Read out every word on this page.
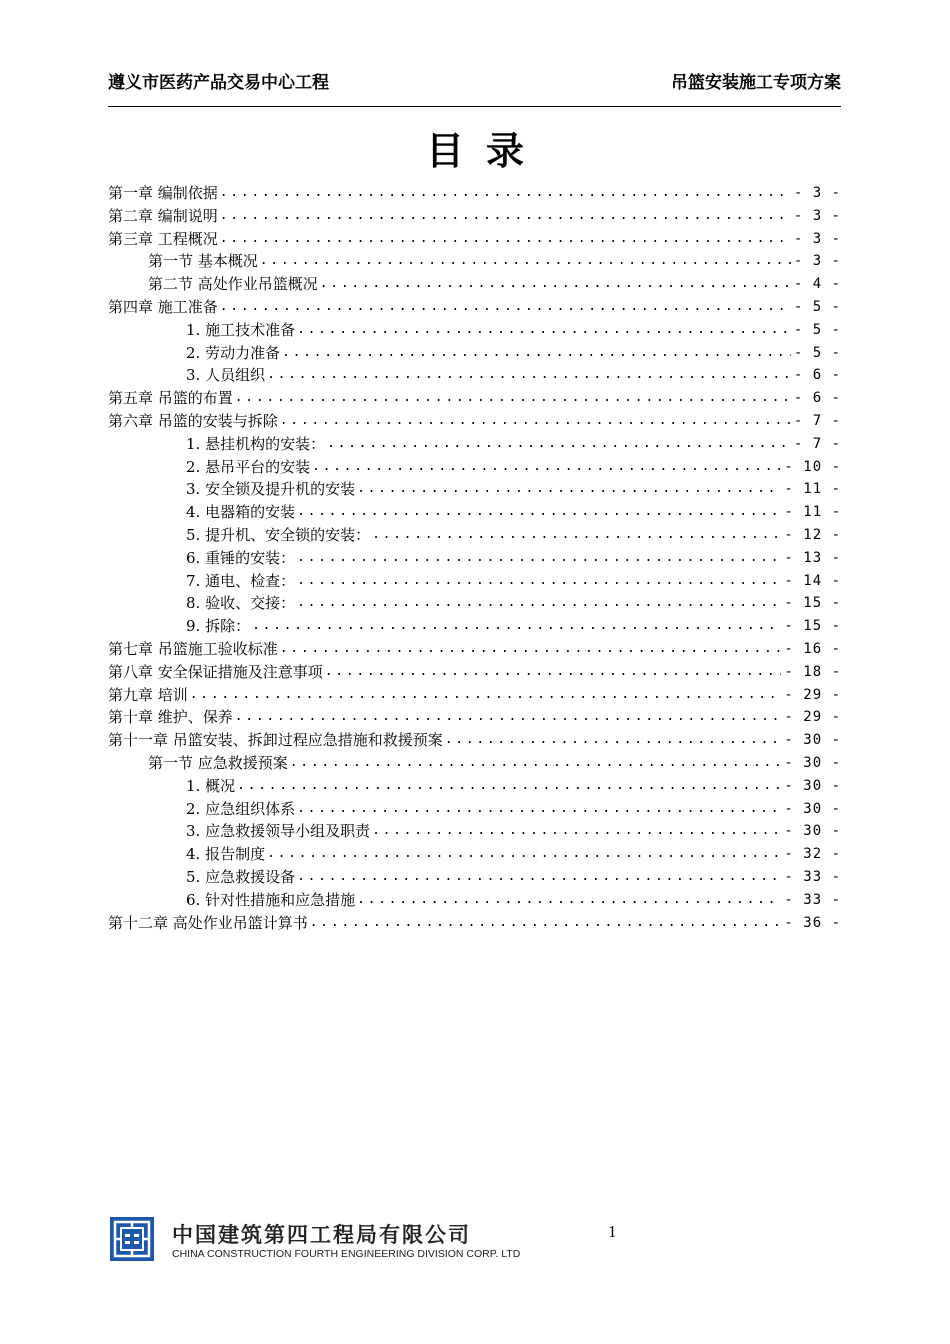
遵义市医药产品交易中心工程	吊篮安装施工专项方案
目录
第一章 编制依据 .....	- 3 -
第二章 编制说明 .....	- 3 -
第三章 工程概况 .....	- 3 -
第一节 基本概况 .....	- 3 -
第二节 高处作业吊篮概况 .....	- 4 -
第四章 施工准备 .....	- 5 -
1. 施工技术准备 .....	- 5 -
2. 劳动力准备 .....	- 5 -
3. 人员组织 .....	- 6 -
第五章 吊篮的布置 .....	- 6 -
第六章 吊篮的安装与拆除 .....	- 7 -
1. 悬挂机构的安装： .....	- 7 -
2. 悬吊平台的安装 .....	- 10 -
3. 安全锁及提升机的安装 .....	- 11 -
4. 电器箱的安装 .....	- 11 -
5. 提升机、安全锁的安装： .....	- 12 -
6. 重锤的安装： .....	- 13 -
7. 通电、检查： .....	- 14 -
8. 验收、交接： .....	- 15 -
9. 拆除： .....	- 15 -
第七章 吊篮施工验收标准 .....	- 16 -
第八章 安全保证措施及注意事项 .....	- 18 -
第九章 培训 .....	- 29 -
第十章 维护、保养 .....	- 29 -
第十一章 吊篮安装、拆卸过程应急措施和救援预案 .....	- 30 -
第一节 应急救援预案 .....	- 30 -
1. 概况 .....	- 30 -
2. 应急组织体系 .....	- 30 -
3. 应急救援领导小组及职责 .....	- 30 -
4. 报告制度 .....	- 32 -
5. 应急救援设备 .....	- 33 -
6. 针对性措施和应急措施 .....	- 33 -
第十二章 高处作业吊篮计算书 .....	- 36 -
中国建筑第四工程局有限公司
CHINA CONSTRUCTION FOURTH ENGINEERING DIVISION CORP. LTD
1
